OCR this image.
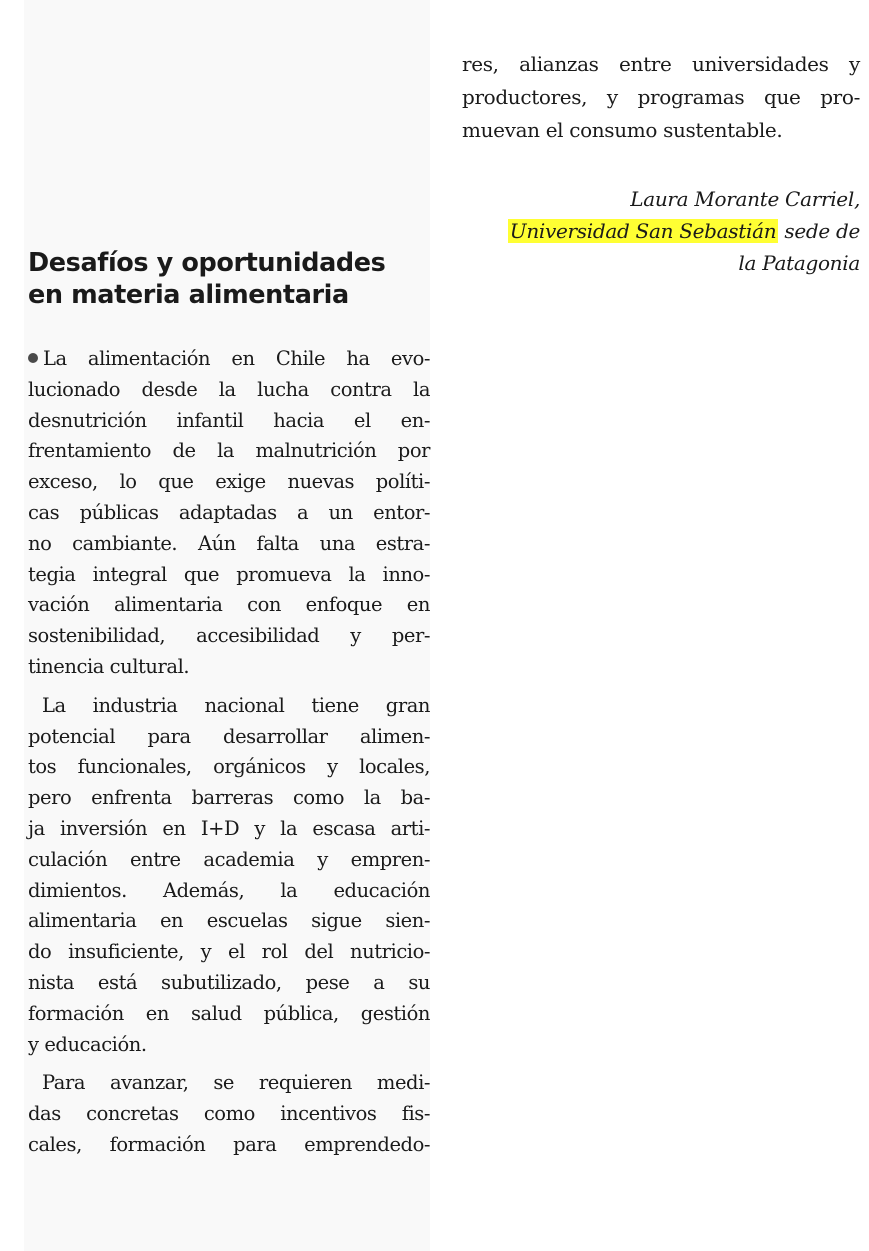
Desafíos y oportunidades
en materia alimentaria
La alimentación en Chile ha evo-
lucionado desde la lucha contra la
desnutrición infantil hacia el en-
frentamiento de la malnutrición por
exceso, lo que exige nuevas políti-
cas públicas adaptadas a un entor-
no cambiante. Aún falta una estra-
tegia integral que promueva la inno-
vación alimentaria con enfoque en
sostenibilidad, accesibilidad y per-
tinencia cultural.
La industria nacional tiene gran
potencial para desarrollar alimen-
tos funcionales, orgánicos y locales,
pero enfrenta barreras como la ba-
ja inversión en I+D y la escasa arti-
culación entre academia y empren-
dimientos. Además, la educación
alimentaria en escuelas sigue sien-
do insuficiente, y el rol del nutricio-
nista está subutilizado, pese a su
formación en salud pública, gestión
y educación.
Para avanzar, se requieren medi-
das concretas como incentivos fis-
cales, formación para emprendedo-
res, alianzas entre universidades y
productores, y programas que pro-
muevan el consumo sustentable.
Laura Morante Carriel,
Universidad San Sebastián sede de
la Patagonia
